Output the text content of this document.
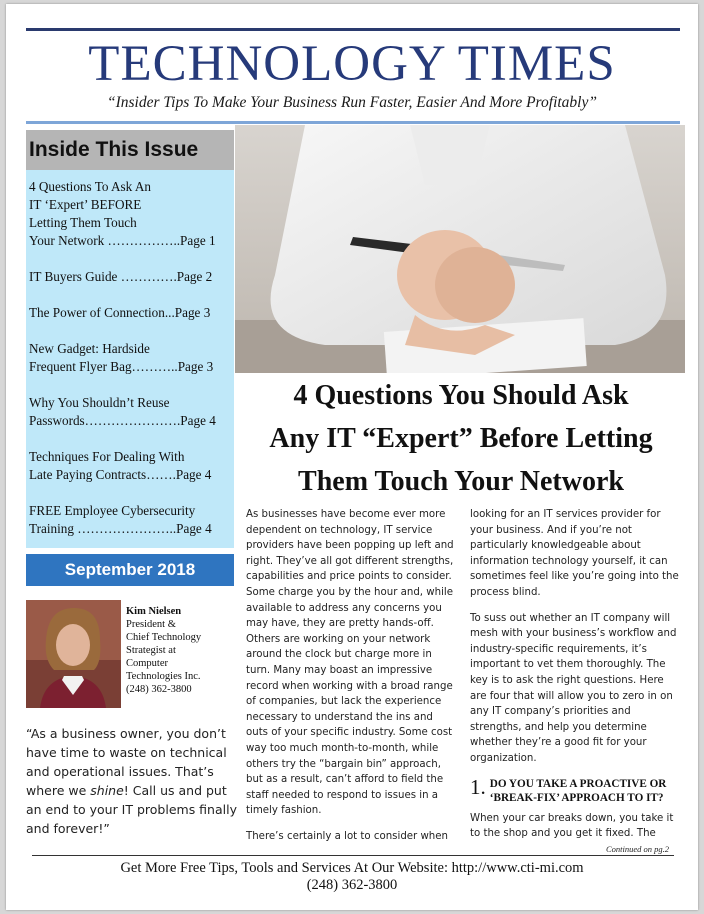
TECHNOLOGY TIMES
“Insider Tips To Make Your Business Run Faster, Easier And More Profitably”
Inside This Issue
4 Questions To Ask An
IT ‘Expert’ BEFORE
Letting Them Touch
Your Network ……………..Page 1
IT Buyers Guide ………….Page 2
The Power of Connection...Page 3
New Gadget: Hardside
Frequent Flyer Bag………..Page 3
Why You Shouldn’t Reuse
Passwords………………….Page 4
Techniques For Dealing With
Late Paying Contracts…….Page 4
FREE Employee Cybersecurity
Training …………………..Page 4
September 2018
Kim Nielsen
President &
Chief Technology
Strategist at
Computer
Technologies Inc.
(248) 362-3800
“As a business owner, you don’t have time to waste on technical and operational issues. That’s where we shine! Call us and put an end to your IT problems finally and forever!”
4 Questions You Should Ask
Any IT “Expert” Before Letting
Them Touch Your Network

As businesses have become ever more dependent on technology, IT service providers have been popping up left and right. They’ve all got different strengths, capabilities and price points to consider. Some charge you by the hour and, while available to address any concerns you may have, they are pretty hands-off. Others are working on your network around the clock but charge more in turn. Many may boast an impressive record when working with a broad range of companies, but lack the experience necessary to understand the ins and outs of your specific industry. Some cost way too much month-to-month, while others try the “bargain bin” approach, but as a result, can’t afford to field the staff needed to respond to issues in a timely fashion.

There’s certainly a lot to consider when

looking for an IT services provider for your business. And if you’re not particularly knowledgeable about information technology yourself, it can sometimes feel like you’re going into the process blind.

To suss out whether an IT company will mesh with your business’s workflow and industry-specific requirements, it’s important to vet them thoroughly. The key is to ask the right questions. Here are four that will allow you to zero in on any IT company’s priorities and strengths, and help you determine whether they’re a good fit for your organization.

1. DO YOU TAKE A PROACTIVE OR ‘BREAK-FIX’ APPROACH TO IT?

When your car breaks down, you take it to the shop and you get it fixed. The

Continued on pg.2
Get More Free Tips, Tools and Services At Our Website: http://www.cti-mi.com
(248) 362-3800
